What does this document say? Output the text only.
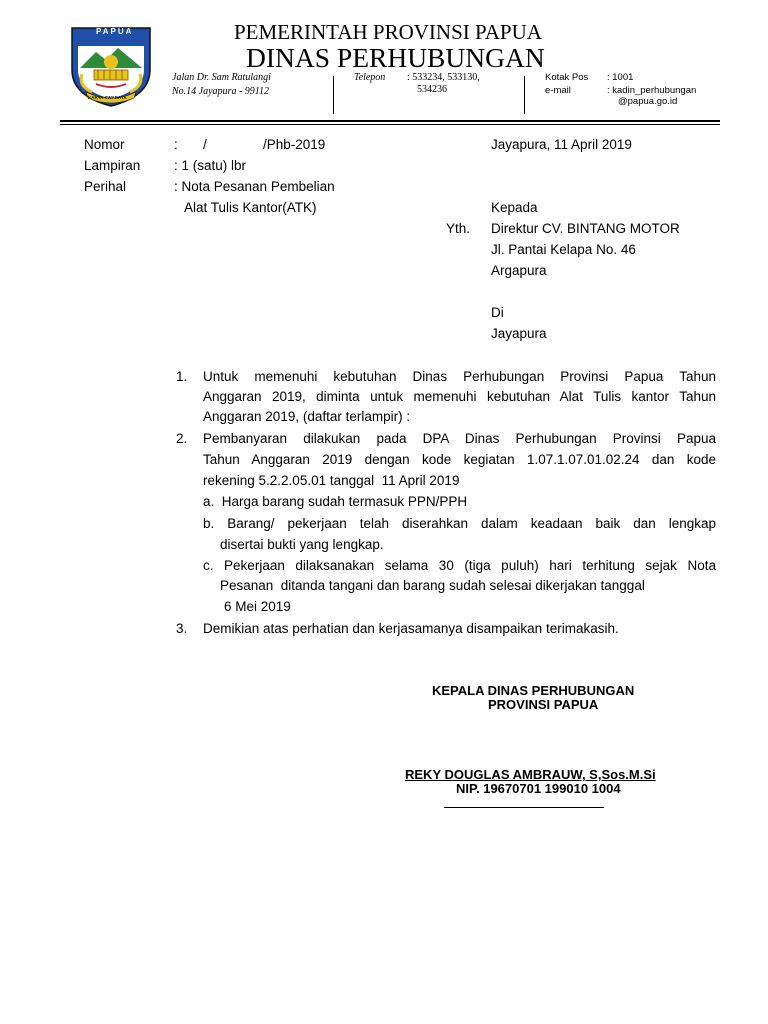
PAPUA
KARYA SWADAYA
PEMERINTAH PROVINSI PAPUA
DINAS PERHUBUNGAN
Jalan Dr. Sam Ratulangi
No.14 Jayapura - 99112
Telepon : 533234, 533130,
534236
Kotak Pos : 1001
e-mail	: kadin_perhubungan
@papua.go.id
Nomor	: /               /Phb-2019
Lampiran : 1 (satu) lbr
Perihal	: Nota Pesanan Pembelian
Alat Tulis Kantor(ATK)
Jayapura, 11 April 2019
Kepada
Yth. Direktur CV. BINTANG MOTOR
Jl. Pantai Kelapa No. 46
Argapura
Di
Jayapura
1. Untuk memenuhi kebutuhan Dinas Perhubungan Provinsi Papua Tahun
Anggaran 2019, diminta untuk memenuhi kebutuhan Alat Tulis kantor Tahun
Anggaran 2019, (daftar terlampir) :
2. Pembanyaran dilakukan pada DPA Dinas Perhubungan Provinsi Papua
Tahun Anggaran 2019 dengan kode kegiatan 1.07.1.07.01.02.24 dan kode
rekening 5.2.2.05.01 tanggal  11 April 2019
a.  Harga barang sudah termasuk PPN/PPH
b. Barang/ pekerjaan telah diserahkan dalam keadaan baik dan lengkap
disertai bukti yang lengkap.
c. Pekerjaan dilaksanakan selama 30 (tiga puluh) hari terhitung sejak Nota
Pesanan  ditanda tangani dan barang sudah selesai dikerjakan tanggal
6 Mei 2019
3. Demikian atas perhatian dan kerjasamanya disampaikan terimakasih.
KEPALA DINAS PERHUBUNGAN
PROVINSI PAPUA
REKY DOUGLAS AMBRAUW, S,Sos.M.Si
NIP. 19670701 199010 1004
